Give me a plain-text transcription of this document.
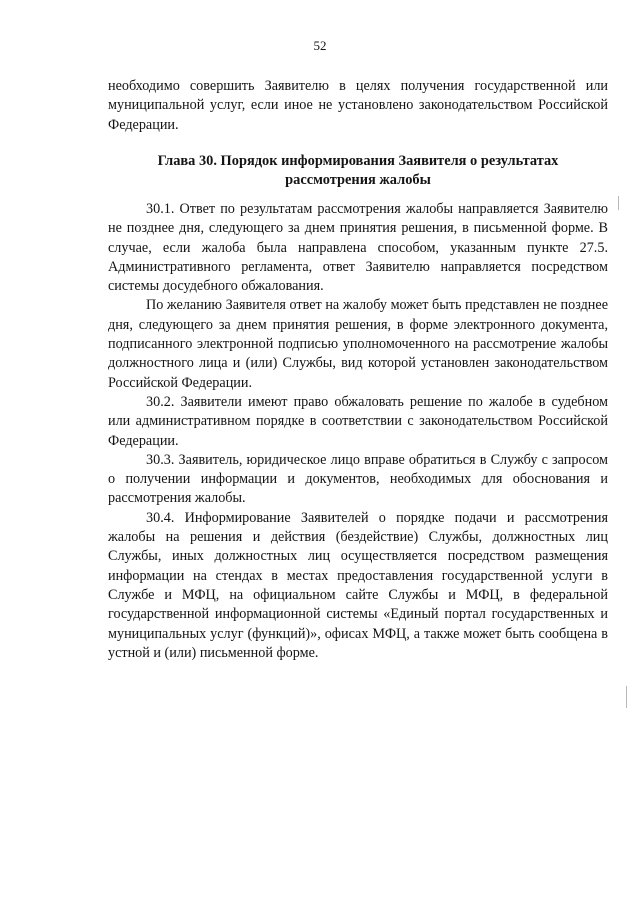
52

необходимо совершить Заявителю в целях получения государственной или муниципальной услуг, если иное не установлено законодательством Российской Федерации.

Глава 30. Порядок информирования Заявителя о результатах
рассмотрения жалобы

30.1. Ответ по результатам рассмотрения жалобы направляется Заявителю не позднее дня, следующего за днем принятия решения, в письменной форме. В случае, если жалоба была направлена способом, указанным пункте 27.5. Административного регламента, ответ Заявителю направляется посредством системы досудебного обжалования.

По желанию Заявителя ответ на жалобу может быть представлен не позднее дня, следующего за днем принятия решения, в форме электронного документа, подписанного электронной подписью уполномоченного на рассмотрение жалобы должностного лица и (или) Службы, вид которой установлен законодательством Российской Федерации.

30.2. Заявители имеют право обжаловать решение по жалобе в судебном или административном порядке в соответствии с законодательством Российской Федерации.

30.3. Заявитель, юридическое лицо вправе обратиться в Службу с запросом о получении информации и документов, необходимых для обоснования и рассмотрения жалобы.

30.4. Информирование Заявителей о порядке подачи и рассмотрения жалобы на решения и действия (бездействие) Службы, должностных лиц Службы, иных должностных лиц осуществляется посредством размещения информации на стендах в местах предоставления государственной услуги в Службе и МФЦ, на официальном сайте Службы и МФЦ, в федеральной государственной информационной системы «Единый портал государственных и муниципальных услуг (функций)», офисах МФЦ, а также может быть сообщена в устной и (или) письменной форме.
